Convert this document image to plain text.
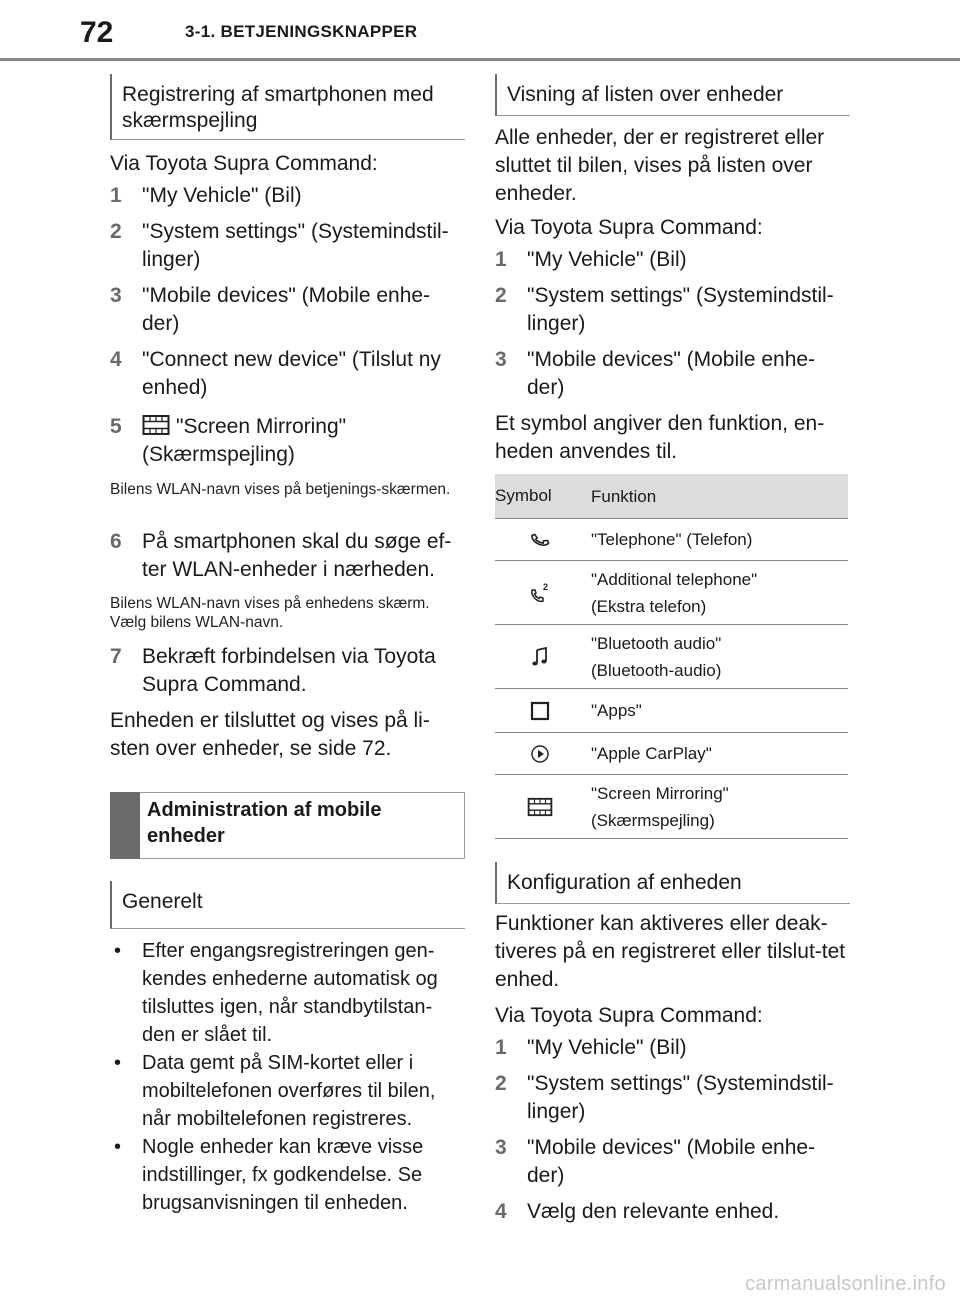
72	3-1. BETJENINGSKNAPPER
Registrering af smartphonen med skærmspejling
Via Toyota Supra Command:
1 "My Vehicle" (Bil)
2 "System settings" (Systemindstil-linger)
3 "Mobile devices" (Mobile enhe-der)
4 "Connect new device" (Tilslut ny enhed)
5	"Screen Mirroring" (Skærmspejling)
Bilens WLAN-navn vises på betjenings-skærmen.
6 På smartphonen skal du søge ef-ter WLAN-enheder i nærheden.
Bilens WLAN-navn vises på enhedens skærm. Vælg bilens WLAN-navn.
7 Bekræft forbindelsen via Toyota Supra Command.
Enheden er tilsluttet og vises på li-sten over enheder, se side 72.
Administration af mobile enheder
Generelt
• Efter engangsregistreringen gen-kendes enhederne automatisk og tilsluttes igen, når standbytilstan-den er slået til.
• Data gemt på SIM-kortet eller i mobiltelefonen overføres til bilen, når mobiltelefonen registreres.
• Nogle enheder kan kræve visse indstillinger, fx godkendelse. Se brugsanvisningen til enheden.
Visning af listen over enheder
Alle enheder, der er registreret eller sluttet til bilen, vises på listen over enheder.
Via Toyota Supra Command:
1 "My Vehicle" (Bil)
2 "System settings" (Systemindstil-linger)
3 "Mobile devices" (Mobile enhe-der)
Et symbol angiver den funktion, en-heden anvendes til.
Symbol	Funktion

	"Telephone" (Telefon)

2	"Additional telephone"
(Ekstra telefon)

"Bluetooth audio"
(Bluetooth-audio)

	"Apps"

	"Apple CarPlay"

"Screen Mirroring"
(Skærmspejling)
Konfiguration af enheden
Funktioner kan aktiveres eller deak-tiveres på en registreret eller tilslut-tet enhed.
Via Toyota Supra Command:
1 "My Vehicle" (Bil)
2 "System settings" (Systemindstil-linger)
3 "Mobile devices" (Mobile enhe-der)
4 Vælg den relevante enhed.
carmanualsonline.info
